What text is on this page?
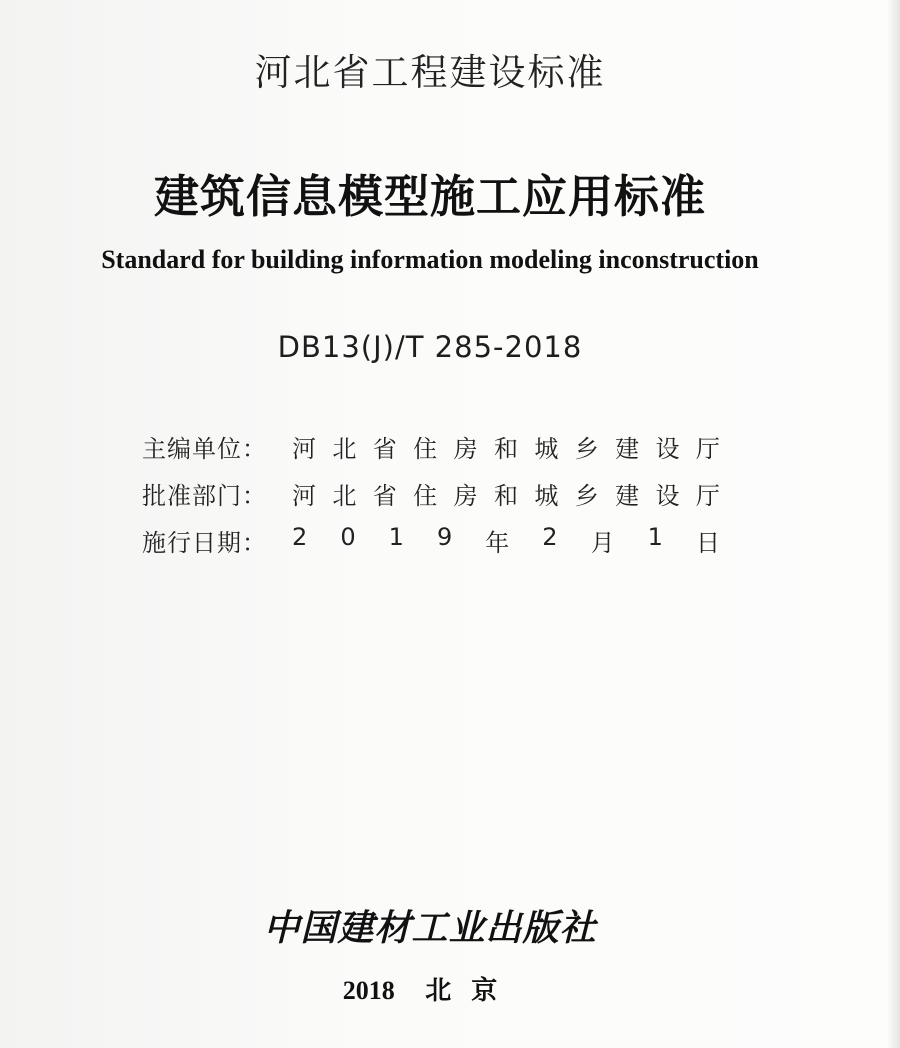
河北省工程建设标准
建筑信息模型施工应用标准
Standard for building information modeling inconstruction
DB13(J)/T 285-2018
主编单位：	河 北 省 住 房 和 城 乡 建 设 厅
批准部门：	河 北 省 住 房 和 城 乡 建 设 厅
施行日期：	2 0 1 9 年 2 月 1 日
中国建材工业出版社
2018 北京
